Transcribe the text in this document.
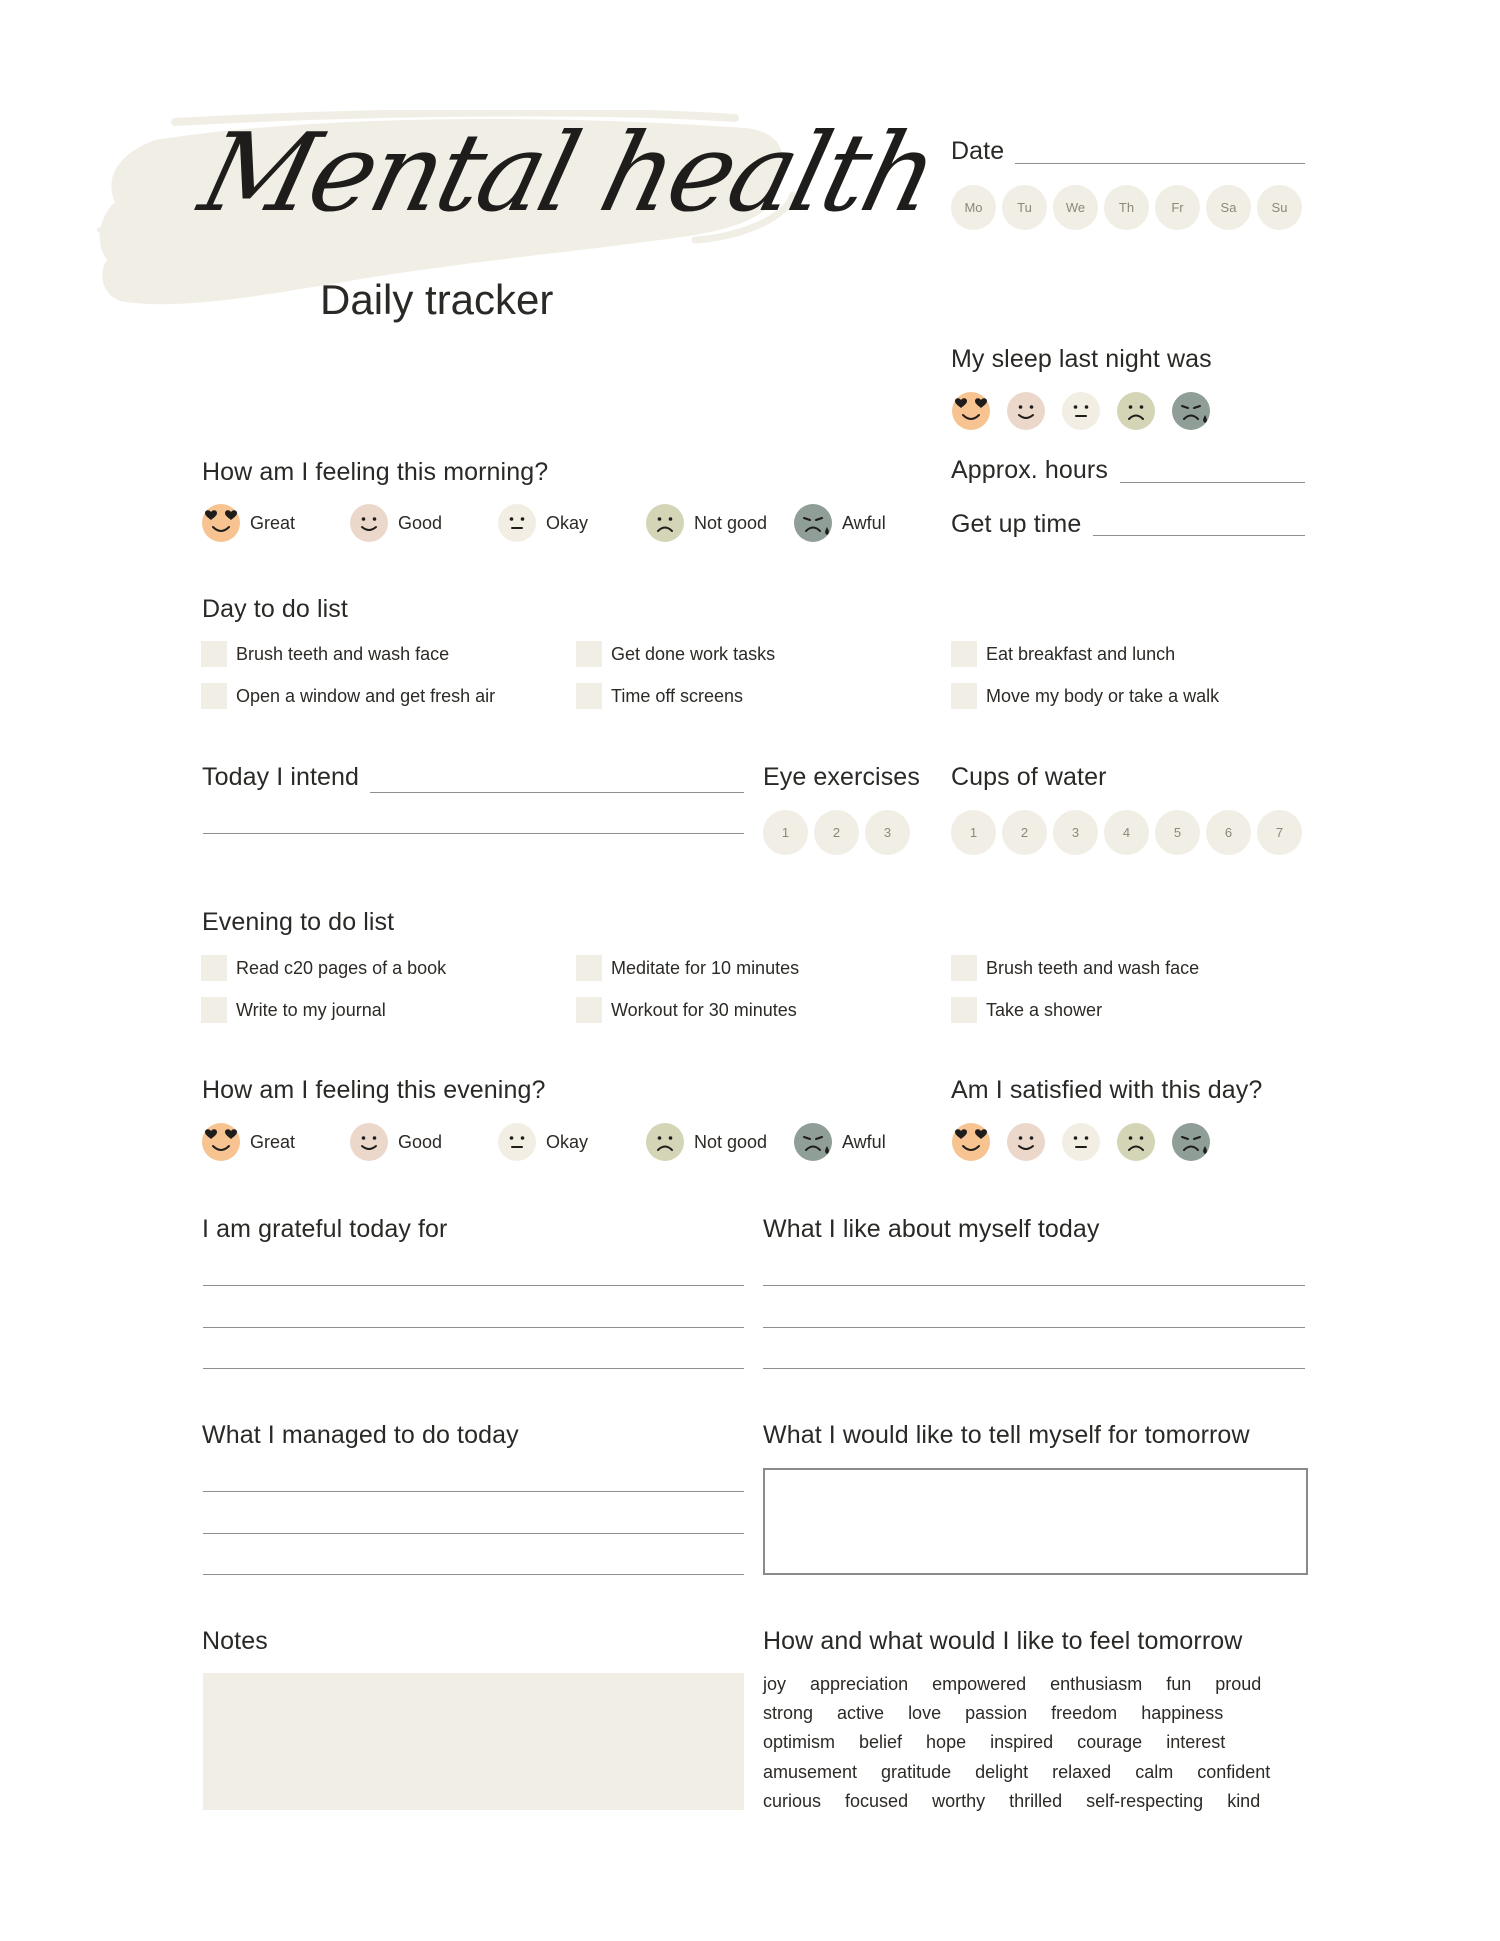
Mental health
Daily tracker
Date
Mo	Tu	We	Th	Fr	Sa	Su
My sleep last night was
Approx. hours
Get up time
How am I feeling this morning?
Great	Good	Okay	Not good	Awful
Day to do list
Brush teeth and wash face	Get done work tasks	Eat breakfast and lunch
Open a window and get fresh air	Time off screens	Move my body or take a walk
Today I intend	Eye exercises
1	2	3
Cups of water
1	2	3	4	5	6	7
Evening to do list
Read c20 pages of a book	Meditate for 10 minutes	Brush teeth and wash face
Write to my journal	Workout for 30 minutes	Take a shower
How am I feeling this evening?
Great	Good	Okay	Not good	Awful
Am I satisfied with this day?
I am grateful today for	What I like about myself today
What I managed to do today	What I would like to tell myself for tomorrow
Notes	How and what would I like to feel tomorrow
joy appreciation empowered enthusiasm fun proud
strong active love passion freedom happiness
optimism belief hope inspired courage interest
amusement gratitude delight relaxed calm confident
curious focused worthy thrilled self-respecting kind
